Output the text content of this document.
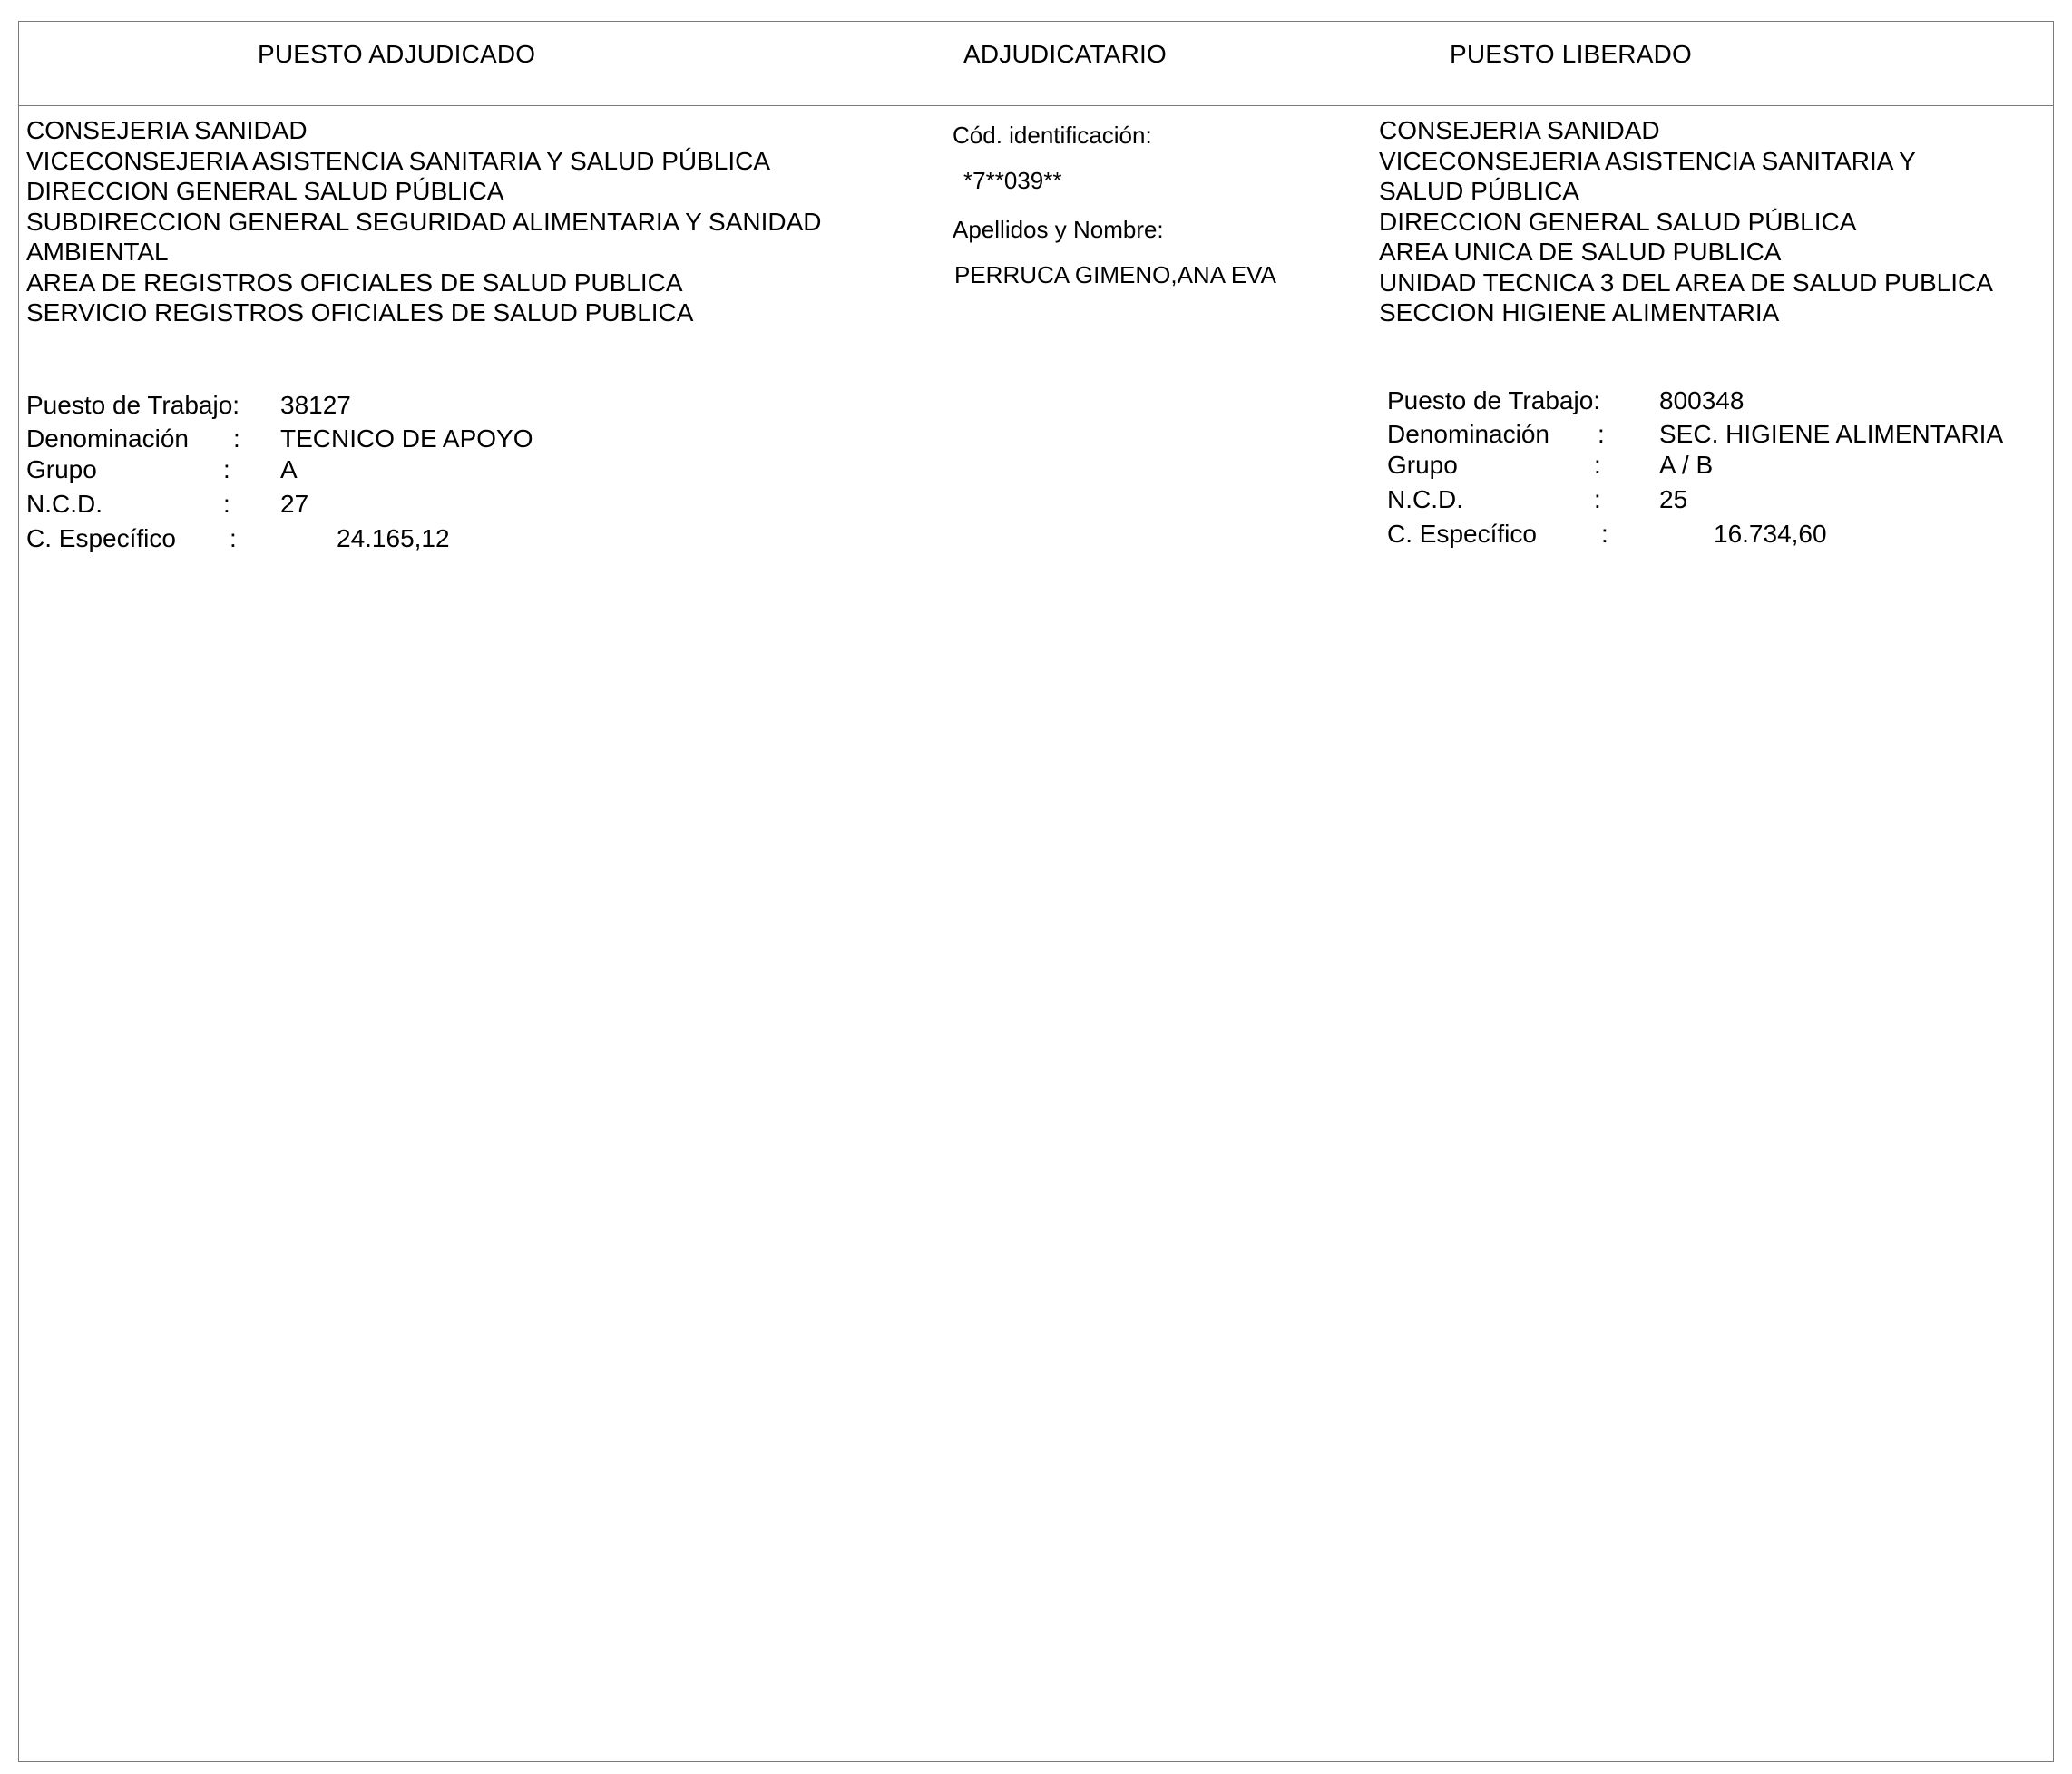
PUESTO ADJUDICADO	ADJUDICATARIO	PUESTO LIBERADO
CONSEJERIA SANIDAD
VICECONSEJERIA ASISTENCIA SANITARIA Y SALUD PÚBLICA
DIRECCION GENERAL SALUD PÚBLICA
SUBDIRECCION GENERAL SEGURIDAD ALIMENTARIA Y SANIDAD
AMBIENTAL
AREA DE REGISTROS OFICIALES DE SALUD PUBLICA
SERVICIO REGISTROS OFICIALES DE SALUD PUBLICA
Cód. identificación:
*7**039**
Apellidos y Nombre:
PERRUCA GIMENO,ANA EVA
CONSEJERIA SANIDAD
VICECONSEJERIA ASISTENCIA SANITARIA Y
SALUD PÚBLICA
DIRECCION GENERAL SALUD PÚBLICA
AREA UNICA DE SALUD PUBLICA
UNIDAD TECNICA 3 DEL AREA DE SALUD PUBLICA
SECCION HIGIENE ALIMENTARIA
Puesto de Trabajo: 38127
Denominación : TECNICO DE APOYO
Grupo	: A
N.C.D.	: 27
C. Específico :	24.165,12
Puesto de Trabajo: 800348
Denominación : SEC. HIGIENE ALIMENTARIA
Grupo	: A / B
N.C.D.	: 25
C. Específico	:	16.734,60
